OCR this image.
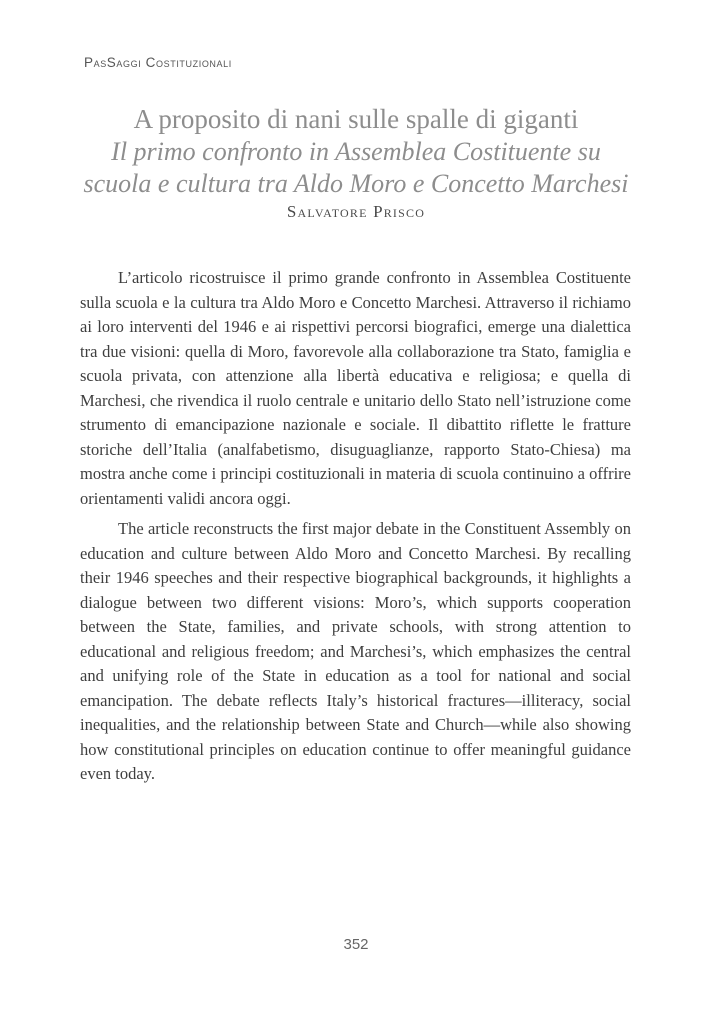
PasSaggi Costituzionali
A proposito di nani sulle spalle di giganti
Il primo confronto in Assemblea Costituente su
scuola e cultura tra Aldo Moro e Concetto Marchesi
Salvatore Prisco

L’articolo ricostruisce il primo grande confronto in Assemblea Costituente sulla scuola e la cultura tra Aldo Moro e Concetto Marchesi. Attraverso il richiamo ai loro interventi del 1946 e ai rispettivi percorsi biografici, emerge una dialettica tra due visioni: quella di Moro, favorevole alla collaborazione tra Stato, famiglia e scuola privata, con attenzione alla libertà educativa e religiosa; e quella di Marchesi, che rivendica il ruolo centrale e unitario dello Stato nell’istruzione come strumento di emancipazione nazionale e sociale. Il dibattito riflette le fratture storiche dell’Italia (analfabetismo, disuguaglianze, rapporto Stato-Chiesa) ma mostra anche come i principi costituzionali in materia di scuola continuino a offrire orientamenti validi ancora oggi.

The article reconstructs the first major debate in the Constituent Assembly on education and culture between Aldo Moro and Concetto Marchesi. By recalling their 1946 speeches and their respective biographical backgrounds, it highlights a dialogue between two different visions: Moro’s, which supports cooperation between the State, families, and private schools, with strong attention to educational and religious freedom; and Marchesi’s, which emphasizes the central and unifying role of the State in education as a tool for national and social emancipation. The debate reflects Italy’s historical fractures—illiteracy, social inequalities, and the relationship between State and Church—while also showing how constitutional principles on education continue to offer meaningful guidance even today.

352
